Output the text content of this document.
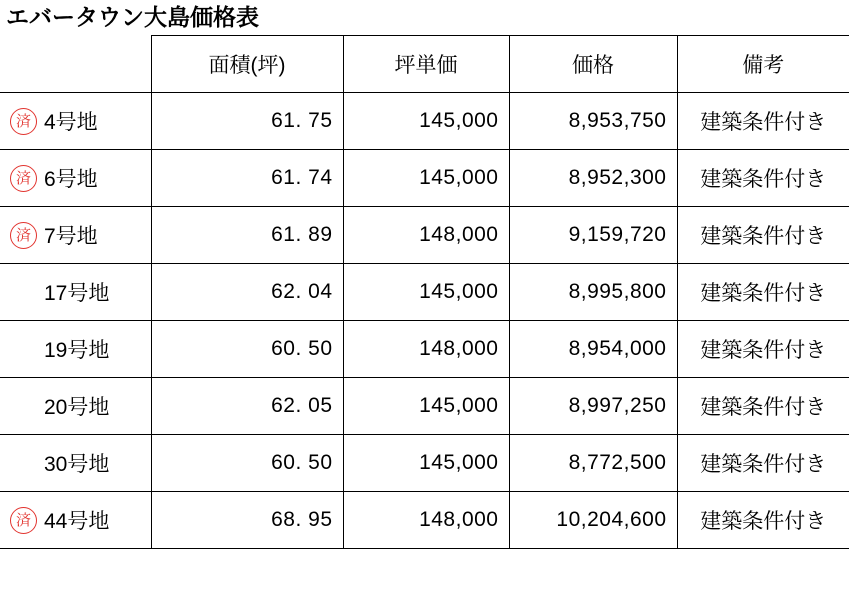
エバータウン大島価格表
	面積(坪)	坪単価	価格	備考

済 4号地	61. 75	145,000	8,953,750	建築条件付き

済 6号地	61. 74	145,000	8,952,300	建築条件付き

済 7号地	61. 89	148,000	9,159,720	建築条件付き

17号地	62. 04	145,000	8,995,800	建築条件付き

19号地	60. 50	148,000	8,954,000	建築条件付き

20号地	62. 05	145,000	8,997,250	建築条件付き

30号地	60. 50	145,000	8,772,500	建築条件付き

済 44号地	68. 95	148,000	10,204,600	建築条件付き
